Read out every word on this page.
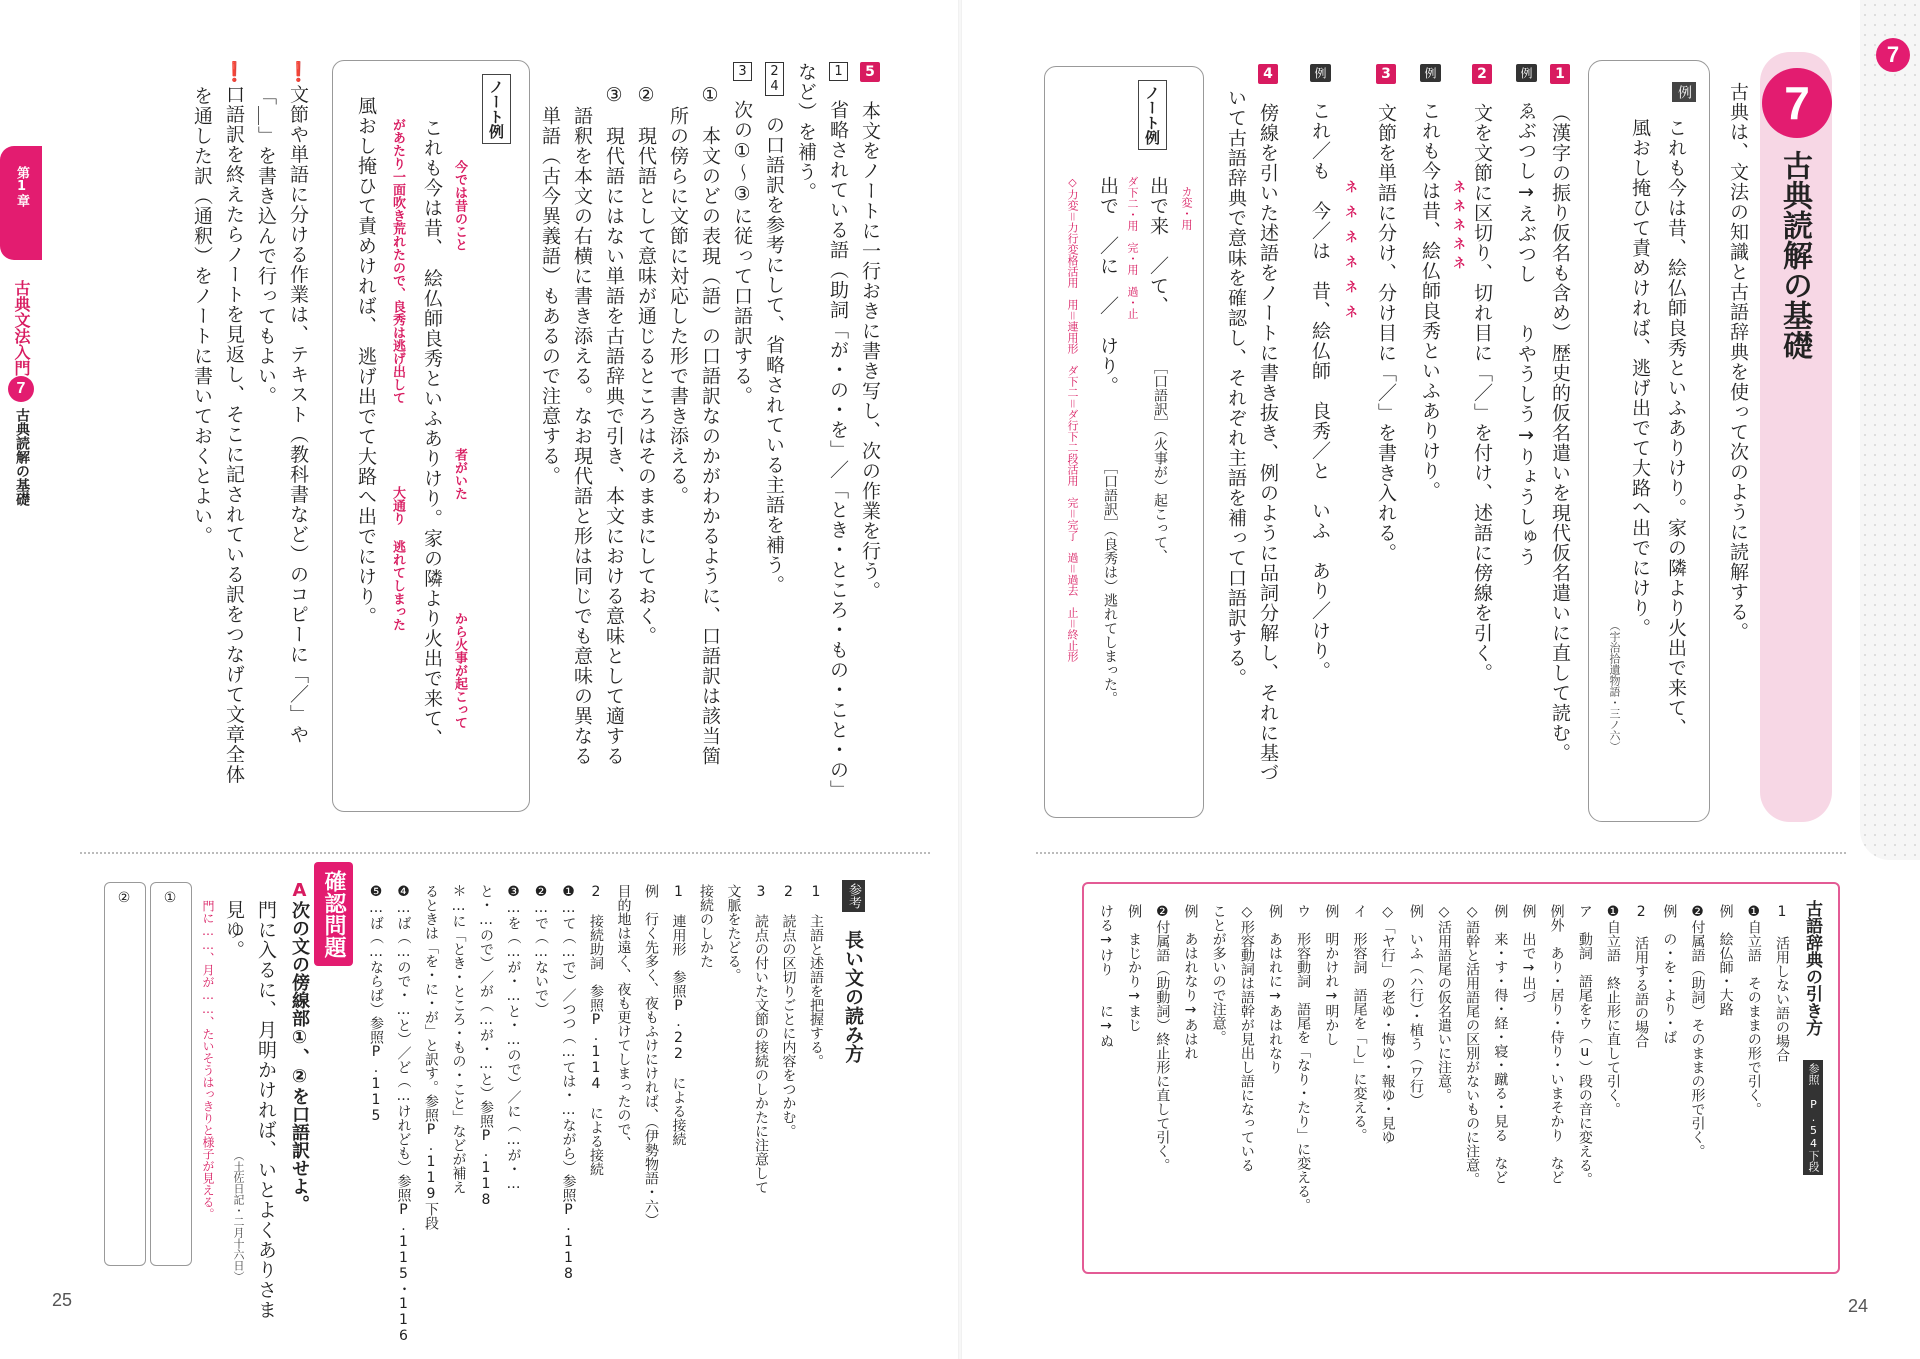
7
7
古典読解の基礎
古典は、文法の知識と古語辞典を使って次のように読解する。
例
これも今は昔、絵仏師良秀といふありけり。家の隣より火出で来て、
風おし掩ひて責めければ、逃げ出でて大路へ出でにけり。
（宇治拾遺物語・三ノ六）
1 （漢字の振り仮名も含め）歴史的仮名遣いを現代仮名遣いに直して読む。
例 ゑぶつし→えぶつし　　りやうしう→りょうしゅう
2 文を文節に区切り、切れ目に「／」を付け、述語に傍線を引く。
例 これも今は昔、絵仏師良秀といふありけり。 ネネネネネ
3 文節を単語に分け、分け目に「／」を書き入れる。
例 これ／も　今／は　昔、絵仏師　良秀／と　いふ　あり／けり。 ネネネネネネ
4 傍線を引いた述語をノートに書き抜き、例のように品詞分解し、それに基づ
いて古語辞典で意味を確認し、それぞれ主語を補って口語訳する。
ノート例
カ変・用
出で来　／て、
［口語訳］（火事が）起こって、
ダ下二・用　完・用　過・止
出で　／に　／　けり。
［口語訳］（良秀は）逃れてしまった。
◇力変＝力行変格活用　用＝連用形　ダ下二＝ダ行下二段活用　完＝完了　過＝過去　止＝終止形
古語辞典の引き方
参照 P.54下段
1 活用しない語の場合
❶自立語　そのままの形で引く。
例　絵仏師・大路
❷付属語（助詞）そのままの形で引く。
例　の・を・より・ば
2 活用する語の場合
❶自立語　終止形に直して引く。
ア　動詞　語尾をウ（u）段の音に変える。
例外　あり・居り・侍り・いまそかり　など
例　出で→出づ
例　来・す・得・経・寝・蹴る・見る　など
◇語幹と活用語尾の区別がないものに注意。
◇活用語尾の仮名遣いに注意。
例　いふ（ハ行）・植う（ワ行）
◇「ヤ行」の老ゆ・悔ゆ・報ゆ・見ゆ
イ　形容詞　語尾を「し」に変える。
例　明かけれ→明かし
ウ　形容動詞　語尾を「なり・たり」に変える。
例　あはれに→あはれなり
◇形容動詞は語幹が見出し語になっている
ことが多いので注意。
例　あはれなり→あはれ
❷付属語（助動詞）終止形に直して引く。
例　まじかり→まじ
ける→けり　　に→ぬ
24
第1章
古典文法入門
7
古典読解の基礎
5 本文をノートに一行おきに書き写し、次の作業を行う。
1 省略されている語（助詞「が・の・を」／「とき・ところ・もの・こと・の」
など）を補う。
24 の口語訳を参考にして、省略されている主語を補う。
3 次の①〜③に従って口語訳する。
① 本文のどの表現（語）の口語訳なのかがわかるように、口語訳は該当箇
所の傍らに文節に対応した形で書き添える。
② 現代語として意味が通じるところはそのままにしておく。
③ 現代語にはない単語を古語辞典で引き、本文における意味として適する
語釈を本文の右横に書き添える。なお現代語と形は同じでも意味の異なる
単語（古今異義語）もあるので注意する。
ノート例
今では昔のこと
者がいた
から火事が起こって
これも今は昔、　絵仏師良秀といふありけり。家の隣より火出で来て、
があたり一面吹き荒れたので、良秀は逃げ出して
大通り
逃れてしまった
風おし掩ひて責めければ、　逃げ出でて大路へ出でにけり。
❗文節や単語に分ける作業は、テキスト（教科書など）のコピーに「／」や
「＿」を書き込んで行ってもよい。
❗口語訳を終えたらノートを見返し、そこに記されている訳をつなげて文章全体
を通した訳（通釈）をノートに書いておくとよい。
参考
長い文の読み方
1　主語と述語を把握する。
2　読点の区切りごとに内容をつかむ。
3　読点の付いた文節の接続のしかたに注意して
文脈をたどる。
接続のしかた
1　連用形　参照P.22　による接続
例　行く先多く、夜もふけにければ、（伊勢物語・六）
目的地は遠く、夜も更けてしまったので、
2　接続助詞　参照P.114　による接続
❶…て（…で）／つつ（…ては・…ながら）参照P.118
❷…で（…ないで）
❸…を（…が・…と・…ので）／に（…が・…
と・…ので）／が（…が・…と）参照P.118
＊…に「とき・ところ・もの・こと」などが補え
るときは「を・に・が」と訳す。参照P.119下段
❹…ば（…ので・…と）／ど（…けれども）参照P.115・116
❺…ば（…ならば）参照P.115
確認問題
A次の文の傍線部①、②を口語訳せよ。
門に入るに、月明かければ、いとよくありさま
見ゆ。
（土佐日記・二月十六日）
門に……、月が……、たいそうはっきりと様子が見える。
①
②
25
